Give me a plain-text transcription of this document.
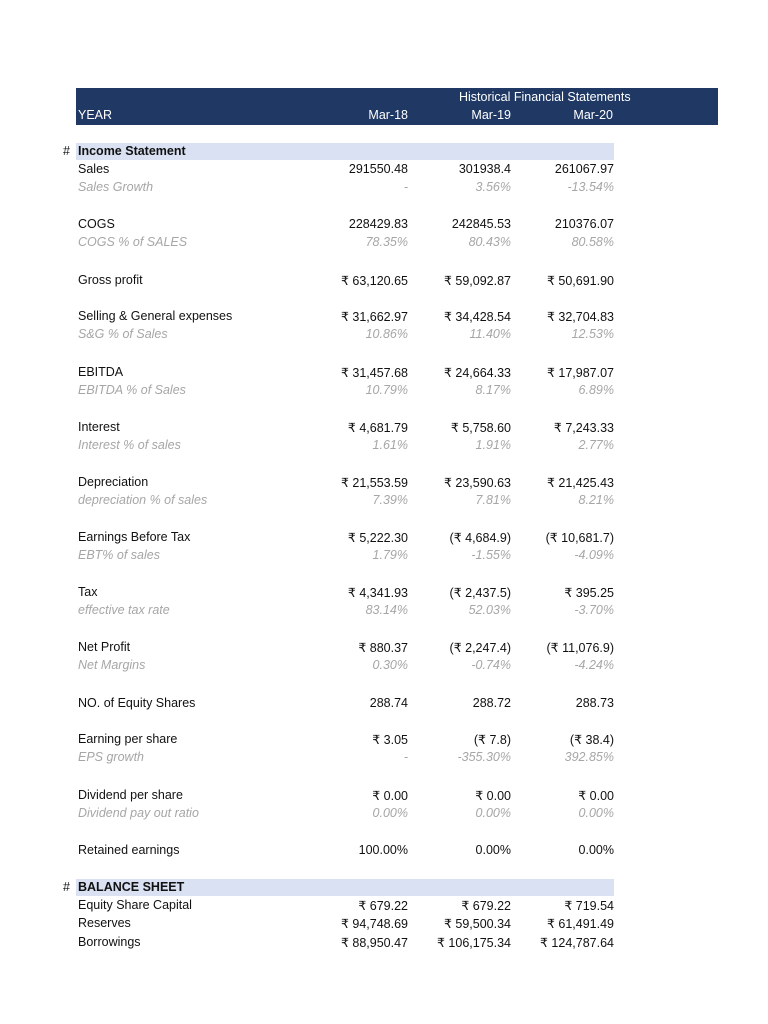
Historical Financial Statements
YEAR	Mar-18	Mar-19	Mar-20
# Income Statement
Sales	291550.48	301938.4	261067.97
Sales Growth	-	3.56%	-13.54%
COGS	228429.83	242845.53	210376.07
COGS % of SALES	78.35%	80.43%	80.58%
Gross profit	₹ 63,120.65	₹ 59,092.87	₹ 50,691.90
Selling & General expenses	₹ 31,662.97	₹ 34,428.54	₹ 32,704.83
S&G % of Sales	10.86%	11.40%	12.53%
EBITDA	₹ 31,457.68	₹ 24,664.33	₹ 17,987.07
EBITDA % of Sales	10.79%	8.17%	6.89%
Interest	₹ 4,681.79	₹ 5,758.60	₹ 7,243.33
Interest % of sales	1.61%	1.91%	2.77%
Depreciation	₹ 21,553.59	₹ 23,590.63	₹ 21,425.43
depreciation % of sales	7.39%	7.81%	8.21%
Earnings Before Tax	₹ 5,222.30	(₹ 4,684.9)	(₹ 10,681.7)
EBT% of sales	1.79%	-1.55%	-4.09%
Tax	₹ 4,341.93	(₹ 2,437.5)	₹ 395.25
effective tax rate	83.14%	52.03%	-3.70%
Net Profit	₹ 880.37	(₹ 2,247.4)	(₹ 11,076.9)
Net Margins	0.30%	-0.74%	-4.24%
NO. of Equity Shares	288.74	288.72	288.73
Earning per share	₹ 3.05	(₹ 7.8)	(₹ 38.4)
EPS growth	-	-355.30%	392.85%
Dividend per share	₹ 0.00	₹ 0.00	₹ 0.00
Dividend pay out ratio	0.00%	0.00%	0.00%
Retained earnings	100.00%	0.00%	0.00%
# BALANCE SHEET
Equity Share Capital	₹ 679.22	₹ 679.22	₹ 719.54
Reserves	₹ 94,748.69	₹ 59,500.34	₹ 61,491.49
Borrowings	₹ 88,950.47	₹ 106,175.34	₹ 124,787.64
